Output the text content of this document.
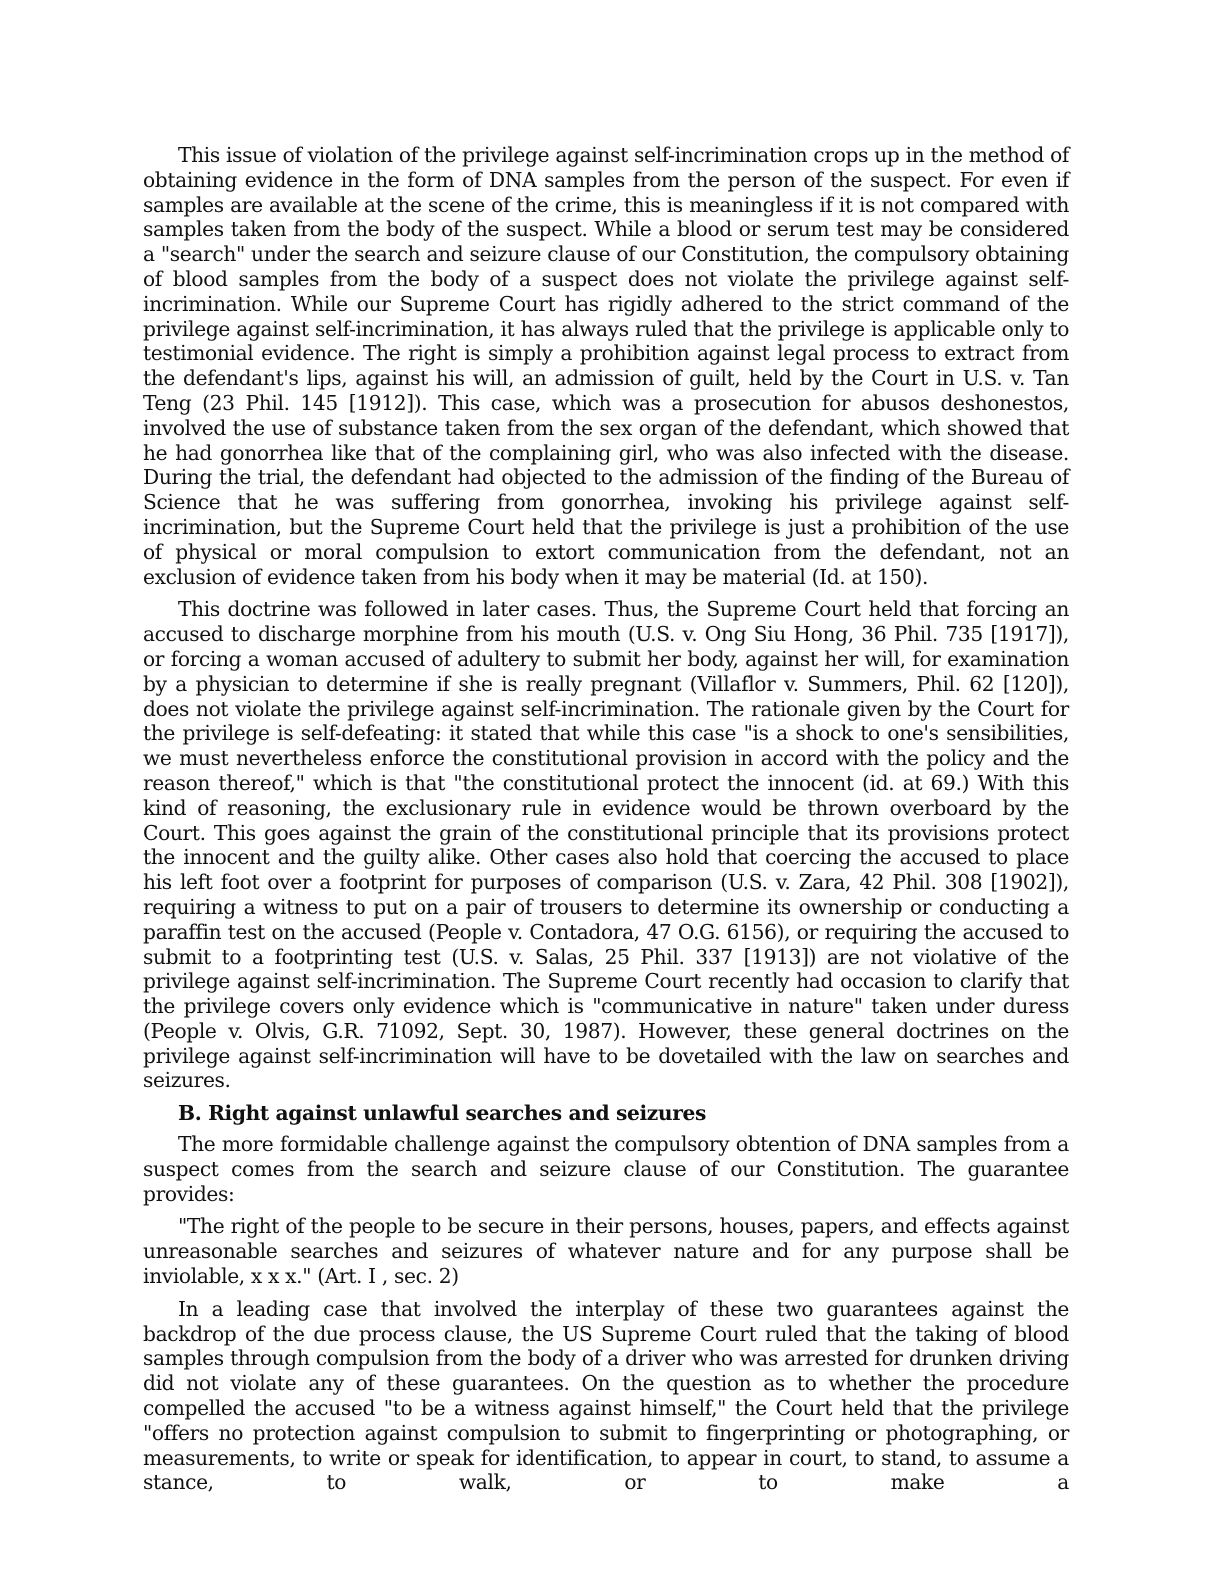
This issue of violation of the privilege against self-incrimination crops up in the method of obtaining evidence in the form of DNA samples from the person of the suspect. For even if samples are available at the scene of the crime, this is meaningless if it is not compared with samples taken from the body of the suspect. While a blood or serum test may be considered a "search" under the search and seizure clause of our Constitution, the compulsory obtaining of blood samples from the body of a suspect does not violate the privilege against self-incrimination. While our Supreme Court has rigidly adhered to the strict command of the privilege against self-incrimination, it has always ruled that the privilege is applicable only to testimonial evidence. The right is simply a prohibition against legal process to extract from the defendant's lips, against his will, an admission of guilt, held by the Court in U.S. v. Tan Teng (23 Phil. 145 [1912]). This case, which was a prosecution for abusos deshonestos, involved the use of substance taken from the sex organ of the defendant, which showed that he had gonorrhea like that of the complaining girl, who was also infected with the disease. During the trial, the defendant had objected to the admission of the finding of the Bureau of Science that he was suffering from gonorrhea, invoking his privilege against self-incrimination, but the Supreme Court held that the privilege is just a prohibition of the use of physical or moral compulsion to extort communication from the defendant, not an exclusion of evidence taken from his body when it may be material (Id. at 150).

This doctrine was followed in later cases. Thus, the Supreme Court held that forcing an accused to discharge morphine from his mouth (U.S. v. Ong Siu Hong, 36 Phil. 735 [1917]), or forcing a woman accused of adultery to submit her body, against her will, for examination by a physician to determine if she is really pregnant (Villaflor v. Summers, Phil. 62 [120]), does not violate the privilege against self-incrimination. The rationale given by the Court for the privilege is self-defeating: it stated that while this case "is a shock to one's sensibilities, we must nevertheless enforce the constitutional provision in accord with the policy and the reason thereof," which is that "the constitutional protect the innocent (id. at 69.) With this kind of reasoning, the exclusionary rule in evidence would be thrown overboard by the Court. This goes against the grain of the constitutional principle that its provisions protect the innocent and the guilty alike. Other cases also hold that coercing the accused to place his left foot over a footprint for purposes of comparison (U.S. v. Zara, 42 Phil. 308 [1902]), requiring a witness to put on a pair of trousers to determine its ownership or conducting a paraffin test on the accused (People v. Contadora, 47 O.G. 6156), or requiring the accused to submit to a footprinting test (U.S. v. Salas, 25 Phil. 337 [1913]) are not violative of the privilege against self-incrimination. The Supreme Court recently had occasion to clarify that the privilege covers only evidence which is "communicative in nature" taken under duress (People v. Olvis, G.R. 71092, Sept. 30, 1987). However, these general doctrines on the privilege against self-incrimination will have to be dovetailed with the law on searches and seizures.

B. Right against unlawful searches and seizures

The more formidable challenge against the compulsory obtention of DNA samples from a suspect comes from the search and seizure clause of our Constitution. The guarantee provides:

"The right of the people to be secure in their persons, houses, papers, and effects against unreasonable searches and seizures of whatever nature and for any purpose shall be inviolable, x x x." (Art. I , sec. 2)

In a leading case that involved the interplay of these two guarantees against the backdrop of the due process clause, the US Supreme Court ruled that the taking of blood samples through compulsion from the body of a driver who was arrested for drunken driving did not violate any of these guarantees. On the question as to whether the procedure compelled the accused "to be a witness against himself," the Court held that the privilege "offers no protection against compulsion to submit to fingerprinting or photographing, or measurements, to write or speak for identification, to appear in court, to stand, to assume a stance, to walk, or to make a
